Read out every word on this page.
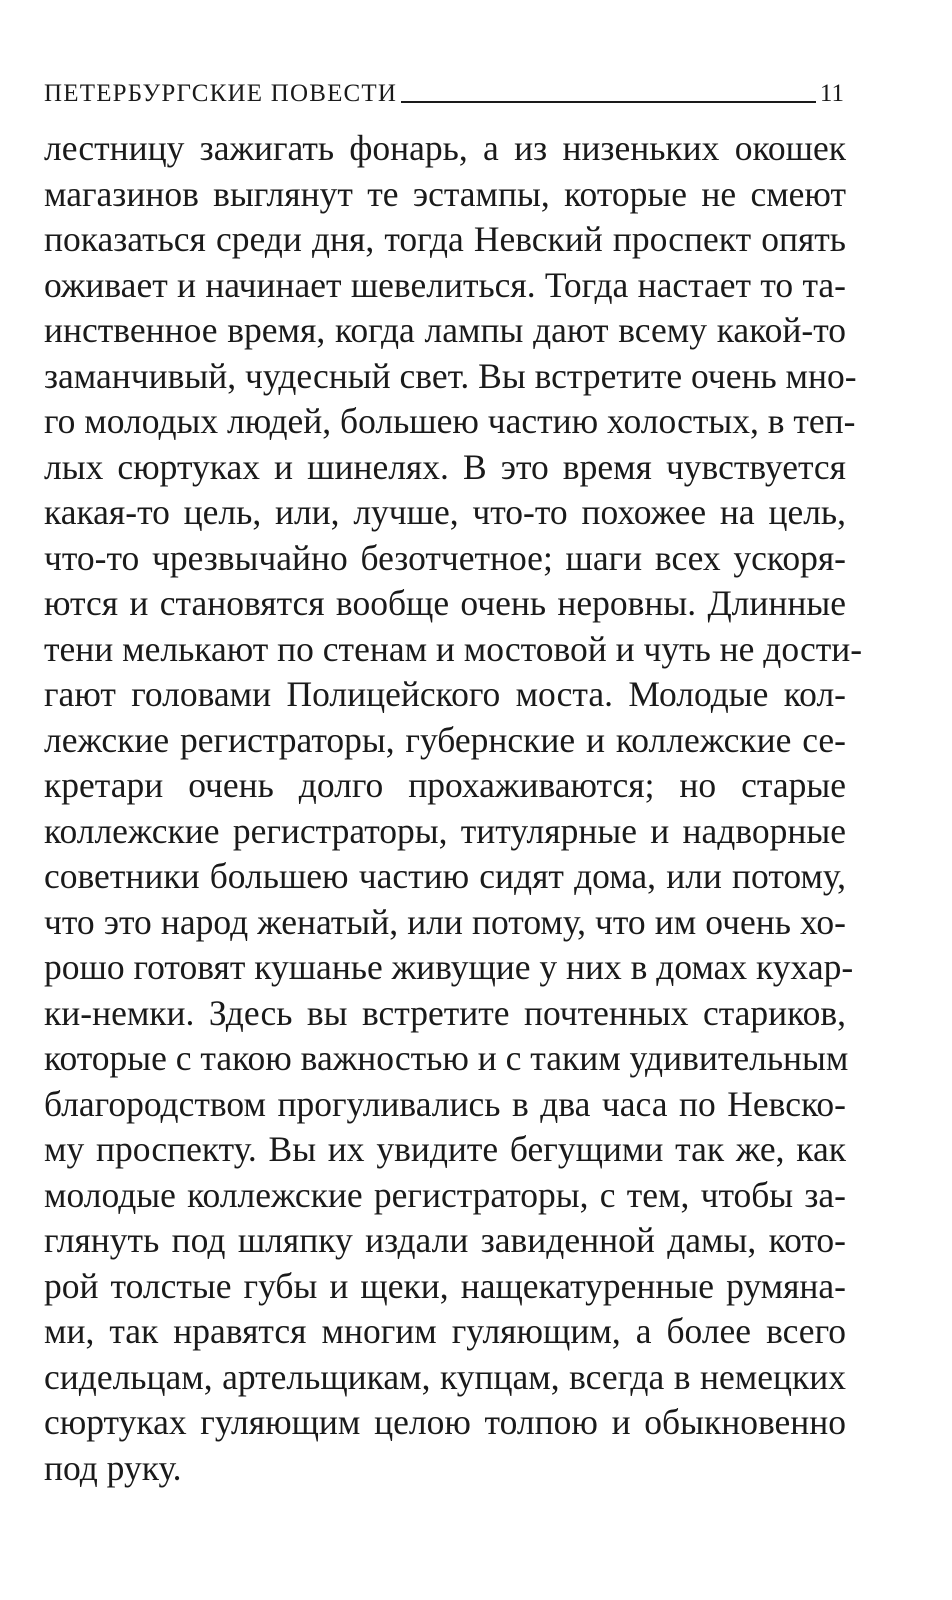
ПЕТЕРБУРГСКИЕ ПОВЕСТИ	11
лестницу зажигать фонарь, а из низеньких окошек
магазинов выглянут те эстампы, которые не смеют
показаться среди дня, тогда Невский проспект опять
оживает и начинает шевелиться. Тогда настает то та-
инственное время, когда лампы дают всему какой-то
заманчивый, чудесный свет. Вы встретите очень мно-
го молодых людей, большею частию холостых, в теп-
лых сюртуках и шинелях. В это время чувствуется
какая-то цель, или, лучше, что-то похожее на цель,
что-то чрезвычайно безотчетное; шаги всех ускоря-
ются и становятся вообще очень неровны. Длинные
тени мелькают по стенам и мостовой и чуть не дости-
гают головами Полицейского моста. Молодые кол-
лежские регистраторы, губернские и коллежские се-
кретари очень долго прохаживаются; но старые
коллежские регистраторы, титулярные и надворные
советники большею частию сидят дома, или потому,
что это народ женатый, или потому, что им очень хо-
рошо готовят кушанье живущие у них в домах кухар-
ки-немки. Здесь вы встретите почтенных стариков,
которые с такою важностью и с таким удивительным
благородством прогуливались в два часа по Невско-
му проспекту. Вы их увидите бегущими так же, как
молодые коллежские регистраторы, с тем, чтобы за-
глянуть под шляпку издали завиденной дамы, кото-
рой толстые губы и щеки, нащекатуренные румяна-
ми, так нравятся многим гуляющим, а более всего
сидельцам, артельщикам, купцам, всегда в немецких
сюртуках гуляющим целою толпою и обыкновенно
под руку.
